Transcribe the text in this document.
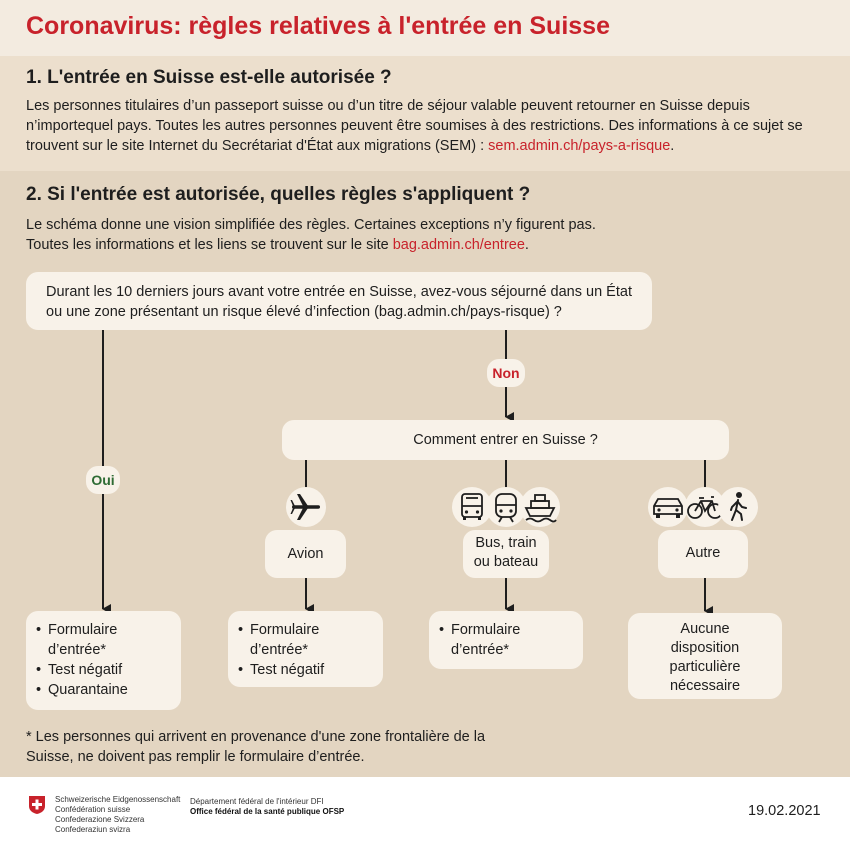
Coronavirus: règles relatives à l'entrée en Suisse
1. L'entrée en Suisse est-elle autorisée ?
Les personnes titulaires d’un passeport suisse ou d’un titre de séjour valable peuvent retourner en Suisse depuis n’importequel pays. Toutes les autres personnes peuvent être soumises à des restrictions. Des informations à ce sujet se trouvent sur le site Internet du Secrétariat d'État aux migrations (SEM) : sem.admin.ch/pays-a-risque.
2. Si l'entrée est autorisée, quelles règles s'appliquent ?
Le schéma donne une vision simplifiée des règles. Certaines exceptions n’y figurent pas.
Toutes les informations et les liens se trouvent sur le site bag.admin.ch/entree.
Durant les 10 derniers jours avant votre entrée en Suisse, avez-vous séjourné dans un État ou une zone présentant un risque élevé d’infection (bag.admin.ch/pays-risque) ?
Oui
Non
Comment entrer en Suisse ?
Avion
Bus, train
ou bateau
Autre
• Formulaire d’entrée*
• Test négatif
• Quarantaine
• Formulaire d’entrée*
• Test négatif
• Formulaire d’entrée*
Aucune
disposition
particulière
nécessaire
* Les personnes qui arrivent en provenance d'une zone frontalière de la Suisse, ne doivent pas remplir le formulaire d’entrée.
Schweizerische Eidgenossenschaft
Confédération suisse
Confederazione Svizzera
Confederaziun svizra
Département fédéral de l'intérieur DFI
Office fédéral de la santé publique OFSP	19.02.2021
